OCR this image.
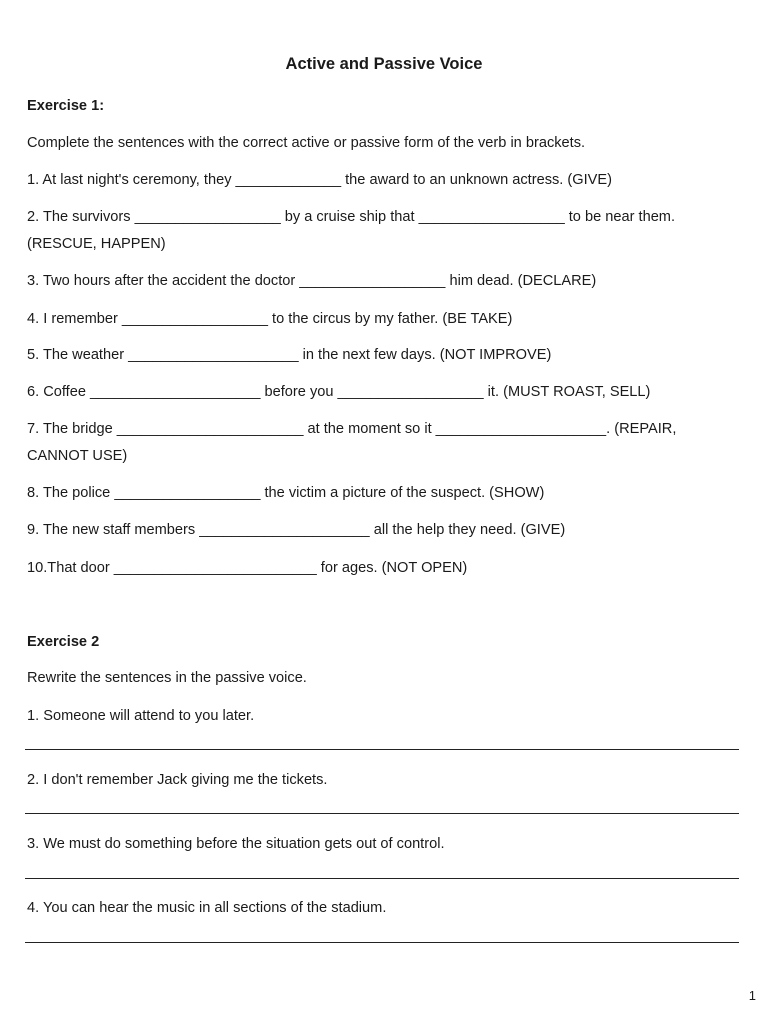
Active and Passive Voice
Exercise 1:
Complete the sentences with the correct active or passive form of the verb in brackets.
1. At last night's ceremony, they _____________ the award to an unknown actress. (GIVE)
2. The survivors __________________ by a cruise ship that __________________ to be near them.
(RESCUE, HAPPEN)
3. Two hours after the accident the doctor __________________ him dead. (DECLARE)
4. I remember __________________ to the circus by my father. (BE TAKE)
5. The weather _____________________ in the next few days. (NOT IMPROVE)
6. Coffee _____________________ before you __________________ it. (MUST ROAST, SELL)
7. The bridge _______________________ at the moment so it _____________________. (REPAIR,
CANNOT USE)
8. The police __________________ the victim a picture of the suspect. (SHOW)
9. The new staff members _____________________ all the help they need. (GIVE)
10.That door _________________________ for ages. (NOT OPEN)
Exercise 2
Rewrite the sentences in the passive voice.
1. Someone will attend to you later.
2. I don't remember Jack giving me the tickets.
3. We must do something before the situation gets out of control.
4. You can hear the music in all sections of the stadium.
1
